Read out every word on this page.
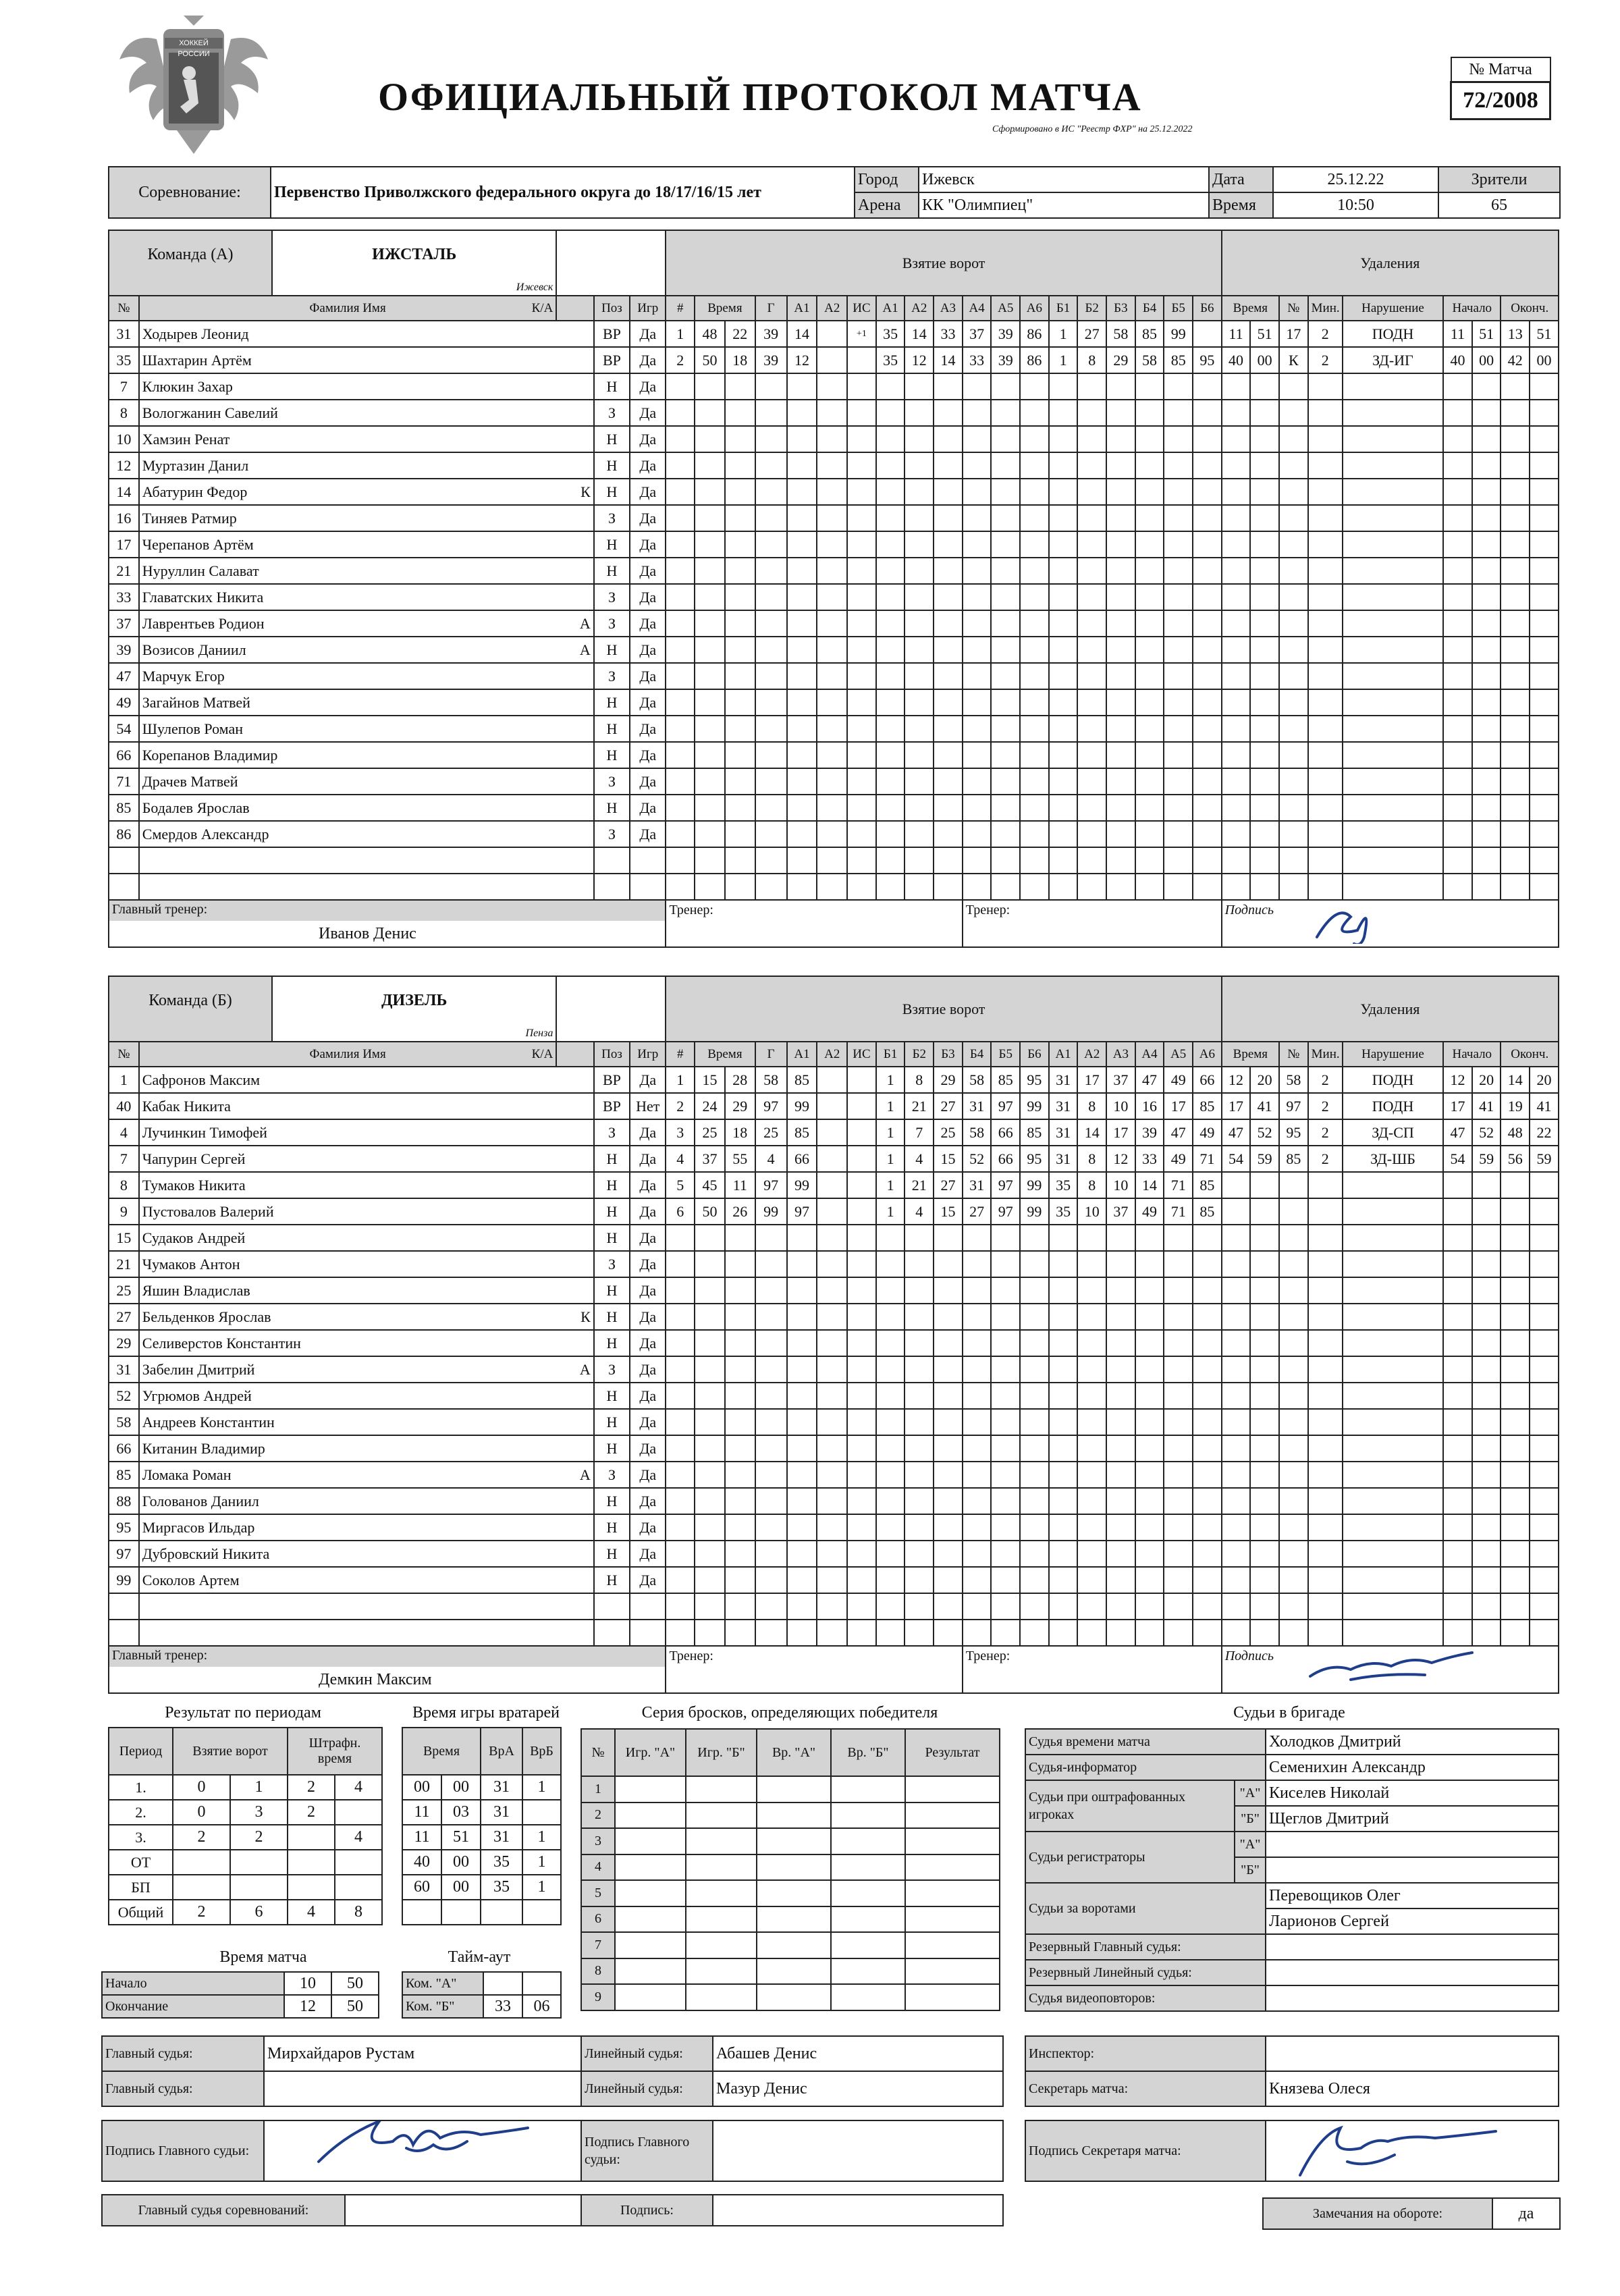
ХОККЕЙ РОССИИ
ОФИЦИАЛЬНЫЙ ПРОТОКОЛ МАТЧА
Сформировано в ИС "Реестр ФХР" на 25.12.2022
№ Матча
72/2008
Соревнование:	Первенство Приволжского федерального округа до 18/17/16/15 лет	Город	Ижевск	Дата	25.12.22	Зрители
		Арена	КК "Олимпиец"	Время	10:50	65
Команда (А) ИЖСТАЛЬ
Ижевск					Взятие ворот																			Удаления								
№	Фамилия Имя К/А		Поз	Игр	#	Время		Г	А1	А2	ИС	А1	А2	А3	А4	А5	А6	Б1	Б2	Б3	Б4	Б5	Б6	Время		№	Мин.	Нарушение	Начало		Оконч.	
31	Ходырев Леонид		ВР	Да	1	48	22	39	14		+1	35	14	33	37	39	86	1	27	58	85	99		11	51	17	2	ПОДН	11	51	13	51
35	Шахтарин Артём		ВР	Да	2	50	18	39	12			35	12	14	33	39	86	1	8	29	58	85	95	40	00	К	2	ЗД-ИГ	40	00	42	00
7	Клюкин Захар		Н	Да																												
8	Вологжанин Савелий		З	Да																												
10	Хамзин Ренат		Н	Да																												
12	Муртазин Данил		Н	Да																												
14	Абатурин Федор	К	Н	Да																												
16	Тиняев Ратмир		З	Да																												
17	Черепанов Артём		Н	Да																												
21	Нуруллин Салават		Н	Да																												
33	Главатских Никита		З	Да																												
37	Лаврентьев Родион	А	З	Да																												
39	Возисов Даниил	А	Н	Да																												
47	Марчук Егор		З	Да																												
49	Загайнов Матвей		Н	Да																												
54	Шулепов Роман		Н	Да																												
66	Корепанов Владимир		Н	Да																												
71	Драчев Матвей		З	Да																												
85	Бодалев Ярослав		Н	Да																												
86	Смердов Александр		З	Да																												

Главный тренер:
Иванов Денис					Тренер:										Тренер:									Подпись								
Команда (Б) ДИЗЕЛЬ
Пенза					Взятие ворот																			Удаления								
№	Фамилия Имя К/А		Поз	Игр	#	Время		Г	А1	А2	ИС	Б1	Б2	Б3	Б4	Б5	Б6	А1	А2	А3	А4	А5	А6	Время		№	Мин.	Нарушение	Начало		Оконч.	
1	Сафронов Максим		ВР	Да	1	15	28	58	85			1	8	29	58	85	95	31	17	37	47	49	66	12	20	58	2	ПОДН	12	20	14	20
40	Кабак Никита		ВР	Нет	2	24	29	97	99			1	21	27	31	97	99	31	8	10	16	17	85	17	41	97	2	ПОДН	17	41	19	41
4	Лучинкин Тимофей		З	Да	3	25	18	25	85			1	7	25	58	66	85	31	14	17	39	47	49	47	52	95	2	ЗД-СП	47	52	48	22
7	Чапурин Сергей		Н	Да	4	37	55	4	66			1	4	15	52	66	95	31	8	12	33	49	71	54	59	85	2	ЗД-ШБ	54	59	56	59
8	Тумаков Никита		Н	Да	5	45	11	97	99			1	21	27	31	97	99	35	8	10	14	71	85									
9	Пустовалов Валерий		Н	Да	6	50	26	99	97			1	4	15	27	97	99	35	10	37	49	71	85									
15	Судаков Андрей		Н	Да																												
21	Чумаков Антон		З	Да																												
25	Яшин Владислав		Н	Да																												
27	Бельденков Ярослав	К	Н	Да																												
29	Селиверстов Константин		Н	Да																												
31	Забелин Дмитрий	А	З	Да																												
52	Угрюмов Андрей		Н	Да																												
58	Андреев Константин		Н	Да																												
66	Китанин Владимир		Н	Да																												
85	Ломака Роман	А	З	Да																												
88	Голованов Даниил		Н	Да																												
95	Миргасов Ильдар		Н	Да																												
97	Дубровский Никита		Н	Да																												
99	Соколов Артем		Н	Да																												

Главный тренер:
Демкин Максим					Тренер:										Тренер:									Подпись								
Результат по периодам
Период	Взятие ворот		Штрафн. время	
1.	0	1	2	4
2.	0	3	2	
3.	2	2		4
ОТ				
БП				
Общий	2	6	4	8
Время игры вратарей
Время		ВрА	ВрБ
00	00	31	1
11	03	31	
11	51	31	1
40	00	35	1
60	00	35	1

Время матча	Тайм-аут
Начало	10	50
Окончание	12	50
Ком. "А"		
Ком. "Б"	33	06
Серия бросков, определяющих победителя
№	Игр. "А"	Игр. "Б"	Вр. "А"	Вр. "Б"	Результат
1					
2					
3					
4					
5					
6					
7					
8					
9					
Судьи в бригаде
Судья времени матча		Холодков Дмитрий
Судья-информатор		Семенихин Александр
Судьи при оштрафованных игроках	"А"	Киселев Николай
	"Б"	Щеглов Дмитрий
Судьи регистраторы	"А"	
	"Б"	
Судьи за воротами		Перевощиков Олег
		Ларионов Сергей
Резервный Главный судья:		
Резервный Линейный судья:		
Судья видеоповторов:		
Главный судья:	Мирхайдаров Рустам
Главный судья:	
Линейный судья:	Абашев Денис
Линейный судья:	Мазур Денис
Инспектор:	
Секретарь матча:	Князева Олеся
Подпись Главного судьи:	
	Подпись Главного судьи:	
Подпись Секретаря матча:	
Главный судья соревнований:		Подпись:		Замечания на обороте:	да
